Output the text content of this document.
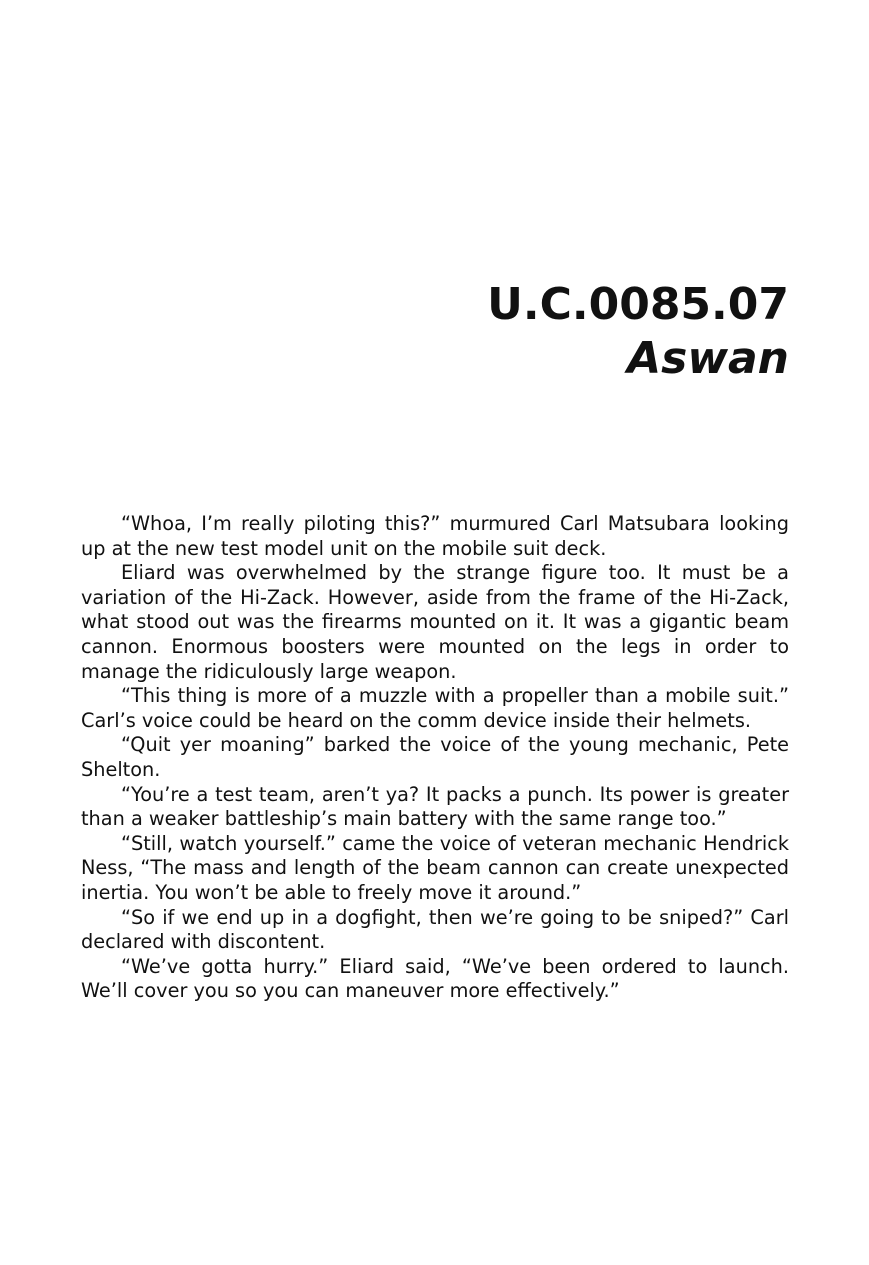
U.C.0085.07
Aswan

“Whoa, I’m really piloting this?” murmured Carl Matsubara looking up at the new test model unit on the mobile suit deck.

Eliard was overwhelmed by the strange figure too. It must be a variation of the Hi-Zack. However, aside from the frame of the Hi-Zack, what stood out was the firearms mounted on it. It was a gigantic beam cannon. Enormous boosters were mounted on the legs in order to manage the ridiculously large weapon.

“This thing is more of a muzzle with a propeller than a mobile suit.” Carl’s voice could be heard on the comm device inside their helmets.

“Quit yer moaning” barked the voice of the young mechanic, Pete Shelton.

“You’re a test team, aren’t ya? It packs a punch. Its power is greater than a weaker battleship’s main battery with the same range too.”

“Still, watch yourself.” came the voice of veteran mechanic Hendrick Ness, “The mass and length of the beam cannon can create unexpected inertia. You won’t be able to freely move it around.”

“So if we end up in a dogfight, then we’re going to be sniped?” Carl declared with discontent.

“We’ve gotta hurry.” Eliard said, “We’ve been ordered to launch. We’ll cover you so you can maneuver more effectively.”
